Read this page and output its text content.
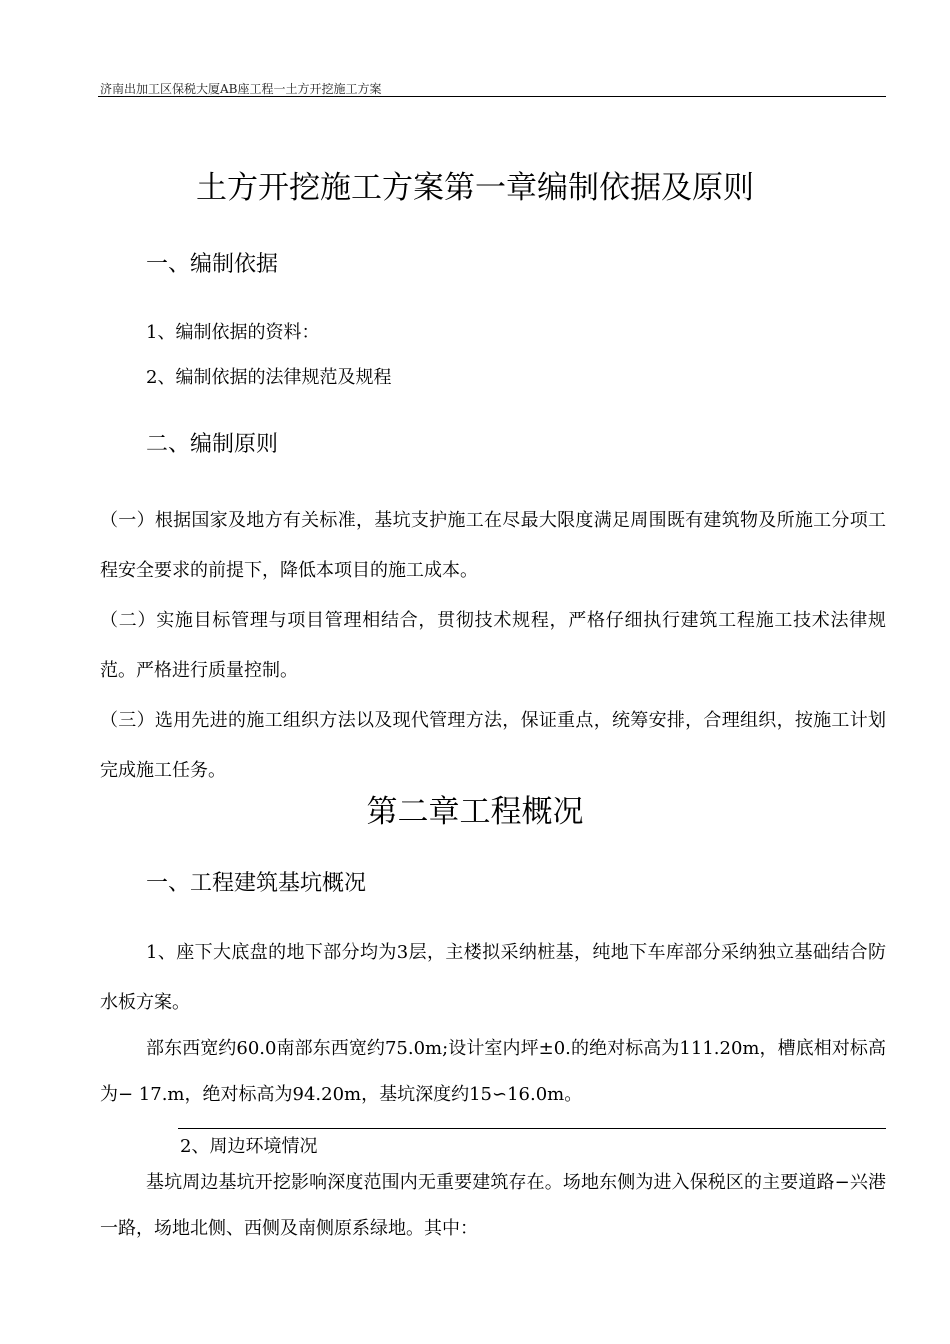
济南出加工区保税大厦AB座工程一土方开挖施工方案
土方开挖施工方案第一章编制依据及原则
一、编制依据
1、编制依据的资料：
2、编制依据的法律规范及规程
二、编制原则

（一）根据国家及地方有关标准，基坑支护施工在尽最大限度满足周围既有建筑物及所施工分项工程安全要求的前提下，降低本项目的施工成本。

（二）实施目标管理与项目管理相结合，贯彻技术规程，严格仔细执行建筑工程施工技术法律规范。严格进行质量控制。

（三）选用先进的施工组织方法以及现代管理方法，保证重点，统筹安排，合理组织，按施工计划完成施工任务。

第二章工程概况
一、工程建筑基坑概况

1、座下大底盘的地下部分均为3层，主楼拟采纳桩基，纯地下车库部分采纳独立基础结合防水板方案。

部东西宽约60.0南部东西宽约75.0m;设计室内坪±0.的绝对标高为111.20m，槽底相对标高为− 17.m，绝对标高为94.20m，基坑深度约15∽16.0m。

2、周边环境情况

基坑周边基坑开挖影响深度范围内无重要建筑存在。场地东侧为进入保税区的主要道路−兴港一路，场地北侧、西侧及南侧原系绿地。其中：
